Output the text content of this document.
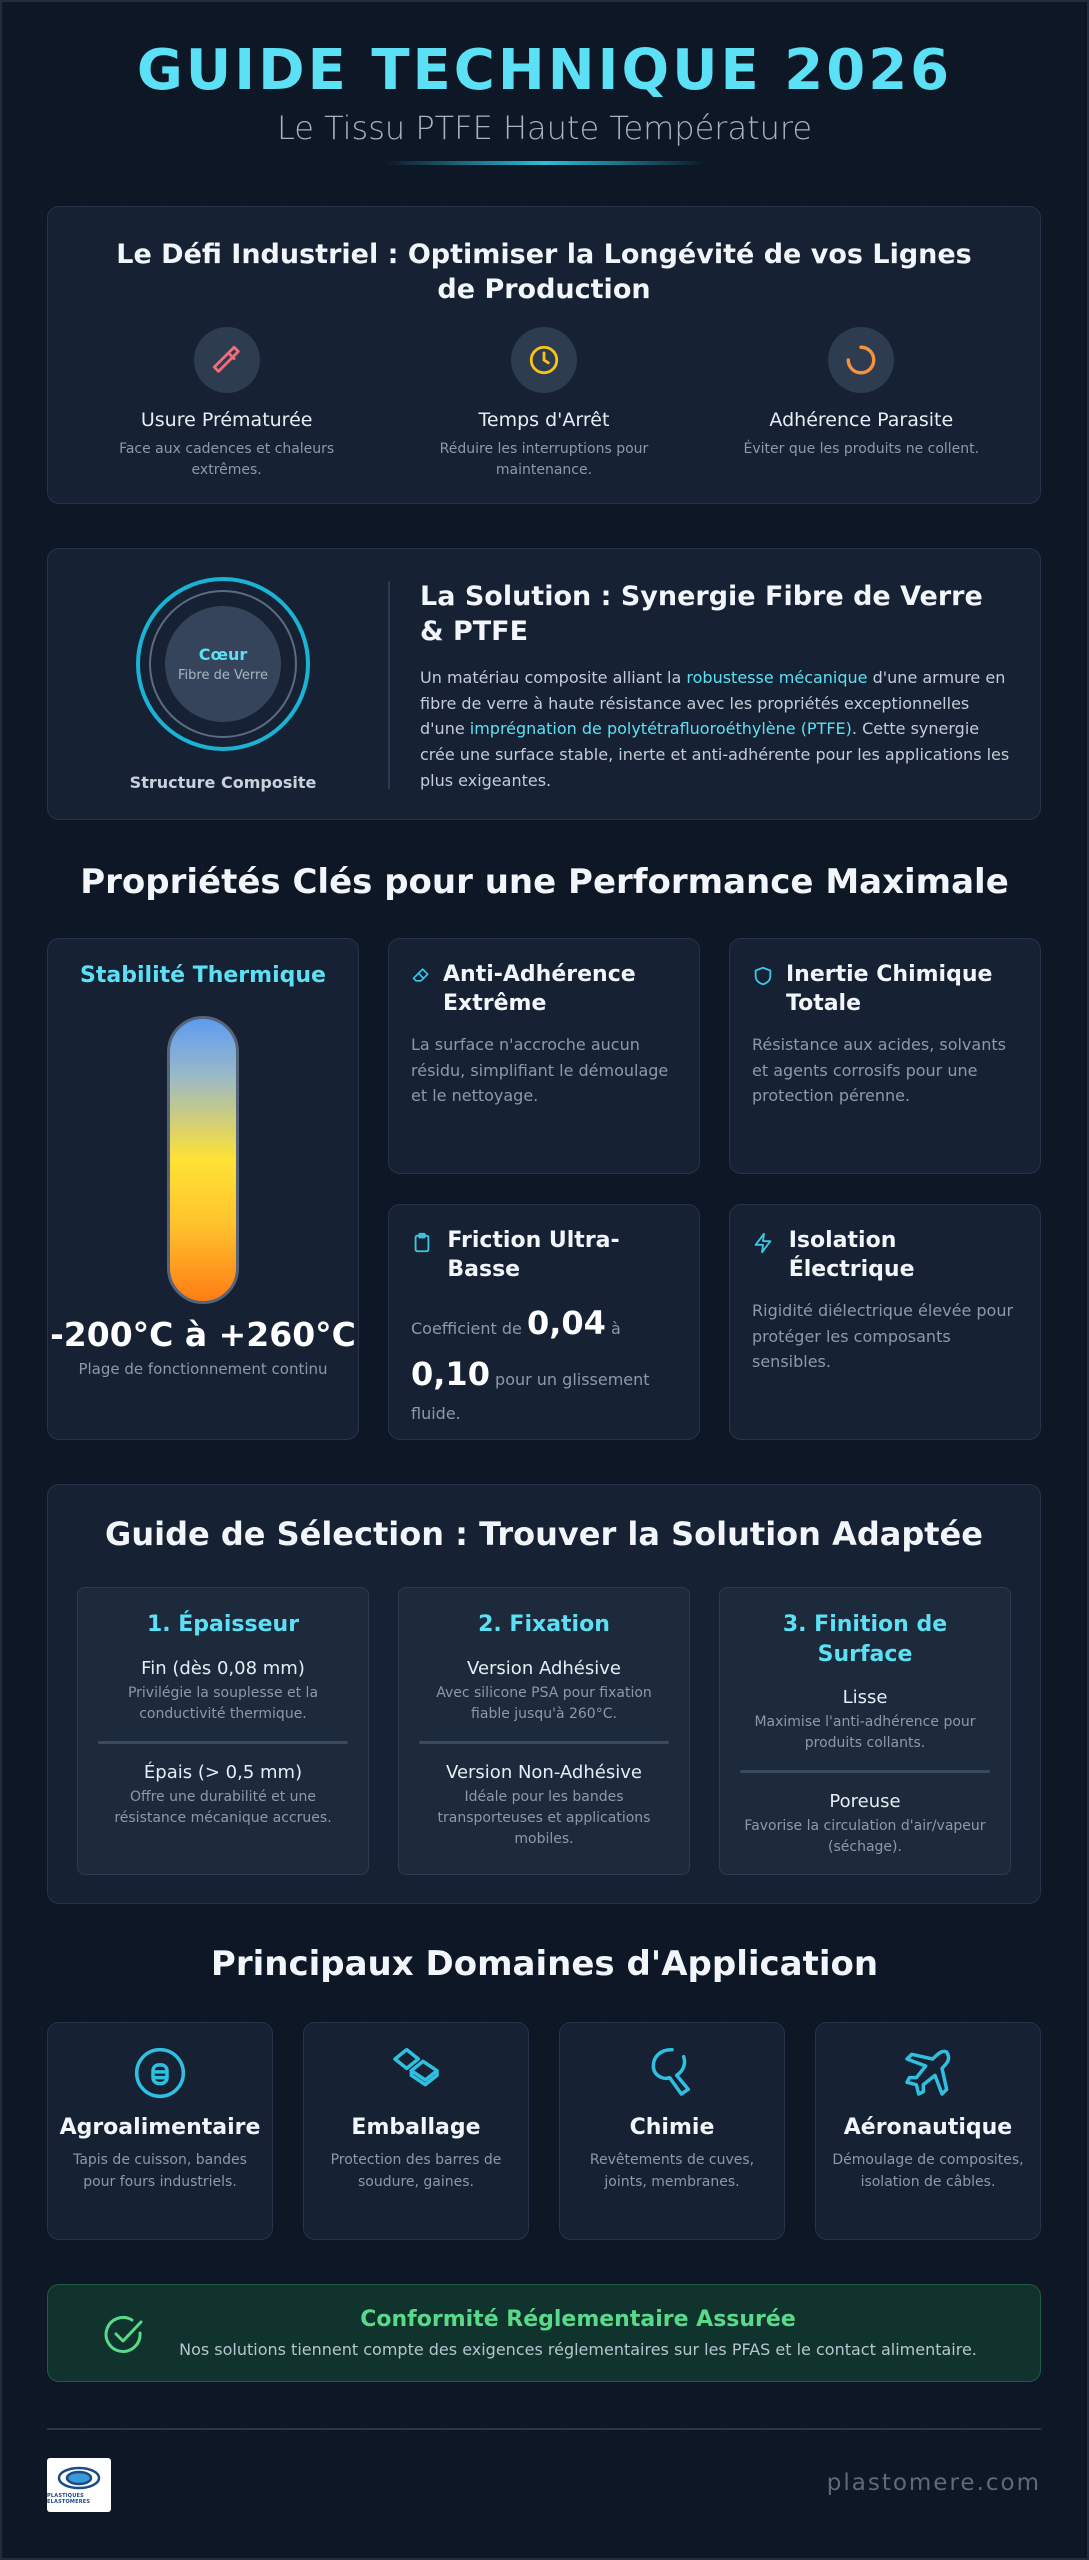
GUIDE TECHNIQUE 2026
Le Tissu PTFE Haute Température
Le Défi Industriel : Optimiser la Longévité de vos Lignes de Production
Usure Prématurée
Face aux cadences et chaleurs extrêmes.
Temps d'Arrêt
Réduire les interruptions pour maintenance.
Adhérence Parasite
Éviter que les produits ne collent.
Cœur
Fibre de Verre
Structure Composite
La Solution : Synergie Fibre de Verre & PTFE

Un matériau composite alliant la robustesse mécanique d'une armure en fibre de verre à haute résistance avec les propriétés exceptionnelles d'une imprégnation de polytétrafluoroéthylène (PTFE). Cette synergie crée une surface stable, inerte et anti-adhérente pour les applications les plus exigeantes.

Propriétés Clés pour une Performance Maximale
Stabilité Thermique
-200°C à +260°C
Plage de fonctionnement continu
Anti-Adhérence Extrême
La surface n'accroche aucun résidu, simplifiant le démoulage et le nettoyage.
Inertie Chimique Totale
Résistance aux acides, solvants et agents corrosifs pour une protection pérenne.
Friction Ultra-Basse
Coefficient de 0,04 à 0,10 pour un glissement fluide.
Isolation Électrique
Rigidité diélectrique élevée pour protéger les composants sensibles.
Guide de Sélection : Trouver la Solution Adaptée
1. Épaisseur
Fin (dès 0,08 mm)
Privilégie la souplesse et la conductivité thermique.
Épais (> 0,5 mm)
Offre une durabilité et une résistance mécanique accrues.
2. Fixation
Version Adhésive
Avec silicone PSA pour fixation fiable jusqu'à 260°C.
Version Non-Adhésive
Idéale pour les bandes transporteuses et applications mobiles.
3. Finition de Surface
Lisse
Maximise l'anti-adhérence pour produits collants.
Poreuse
Favorise la circulation d'air/vapeur (séchage).
Principaux Domaines d'Application
Agroalimentaire
Tapis de cuisson, bandes pour fours industriels.
Emballage
Protection des barres de soudure, gaines.
Chimie
Revêtements de cuves, joints, membranes.
Aéronautique
Démoulage de composites, isolation de câbles.
Conformité Réglementaire Assurée
Nos solutions tiennent compte des exigences réglementaires sur les PFAS et le contact alimentaire.
PLASTIQUES ELASTOMERES
plastomere.com
